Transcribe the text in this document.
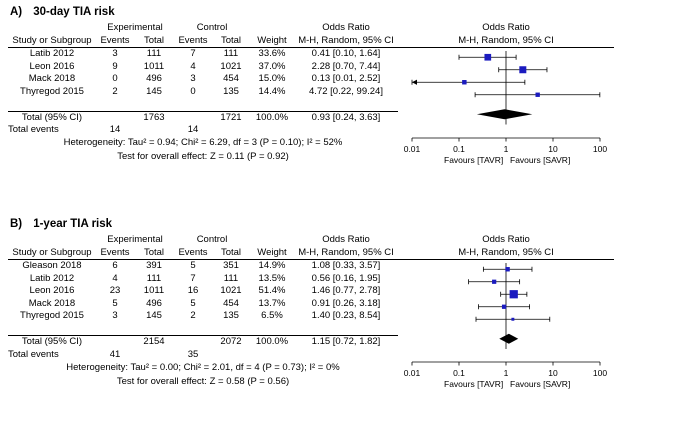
A) 30-day TIA risk
	Experimental		Control			Odds Ratio	Odds Ratio
Study or Subgroup	Events	Total	Events	Total	Weight	M-H, Random, 95% CI	M-H, Random, 95% CI
Latib 2012	3	111	7	111	33.6%	0.41 [0.10, 1.64]	

Leon 2016	9	1011	4	1021	37.0%	2.28 [0.70, 7.44]	
Mack 2018	0	496	3	454	15.0%	0.13 [0.01, 2.52]	
Thyregod 2015	2	145	0	135	14.4%	4.72 [0.22, 99.24]	

Total (95% CI)		1763		1721	100.0%	0.93 [0.24, 3.63]	
Total events	14		14				
Heterogeneity: Tau² = 0.94; Chi² = 6.29, df = 3 (P = 0.10); I² = 52%	
0.01	0.1	1	10	100
Favours [TAVR] Favours [SAVR]

Test for overall effect: Z = 0.11 (P = 0.92)							
B) 1-year TIA risk
	Experimental		Control			Odds Ratio	Odds Ratio
Study or Subgroup	Events	Total	Events	Total	Weight	M-H, Random, 95% CI	M-H, Random, 95% CI
Gleason 2018	6	391	5	351	14.9%	1.08 [0.33, 3.57]	

Latib 2012	4	111	7	111	13.5%	0.56 [0.16, 1.95]	
Leon 2016	23	1011	16	1021	51.4%	1.46 [0.77, 2.78]	
Mack 2018	5	496	5	454	13.7%	0.91 [0.26, 3.18]	
Thyregod 2015	3	145	2	135	6.5%	1.40 [0.23, 8.54]	

Total (95% CI)		2154		2072	100.0%	1.15 [0.72, 1.82]	
Total events	41		35				
Heterogeneity: Tau² = 0.00; Chi² = 2.01, df = 4 (P = 0.73); I² = 0%	
0.01	0.1	1	10	100
Favours [TAVR] Favours [SAVR]

Test for overall effect: Z = 0.58 (P = 0.56)							
